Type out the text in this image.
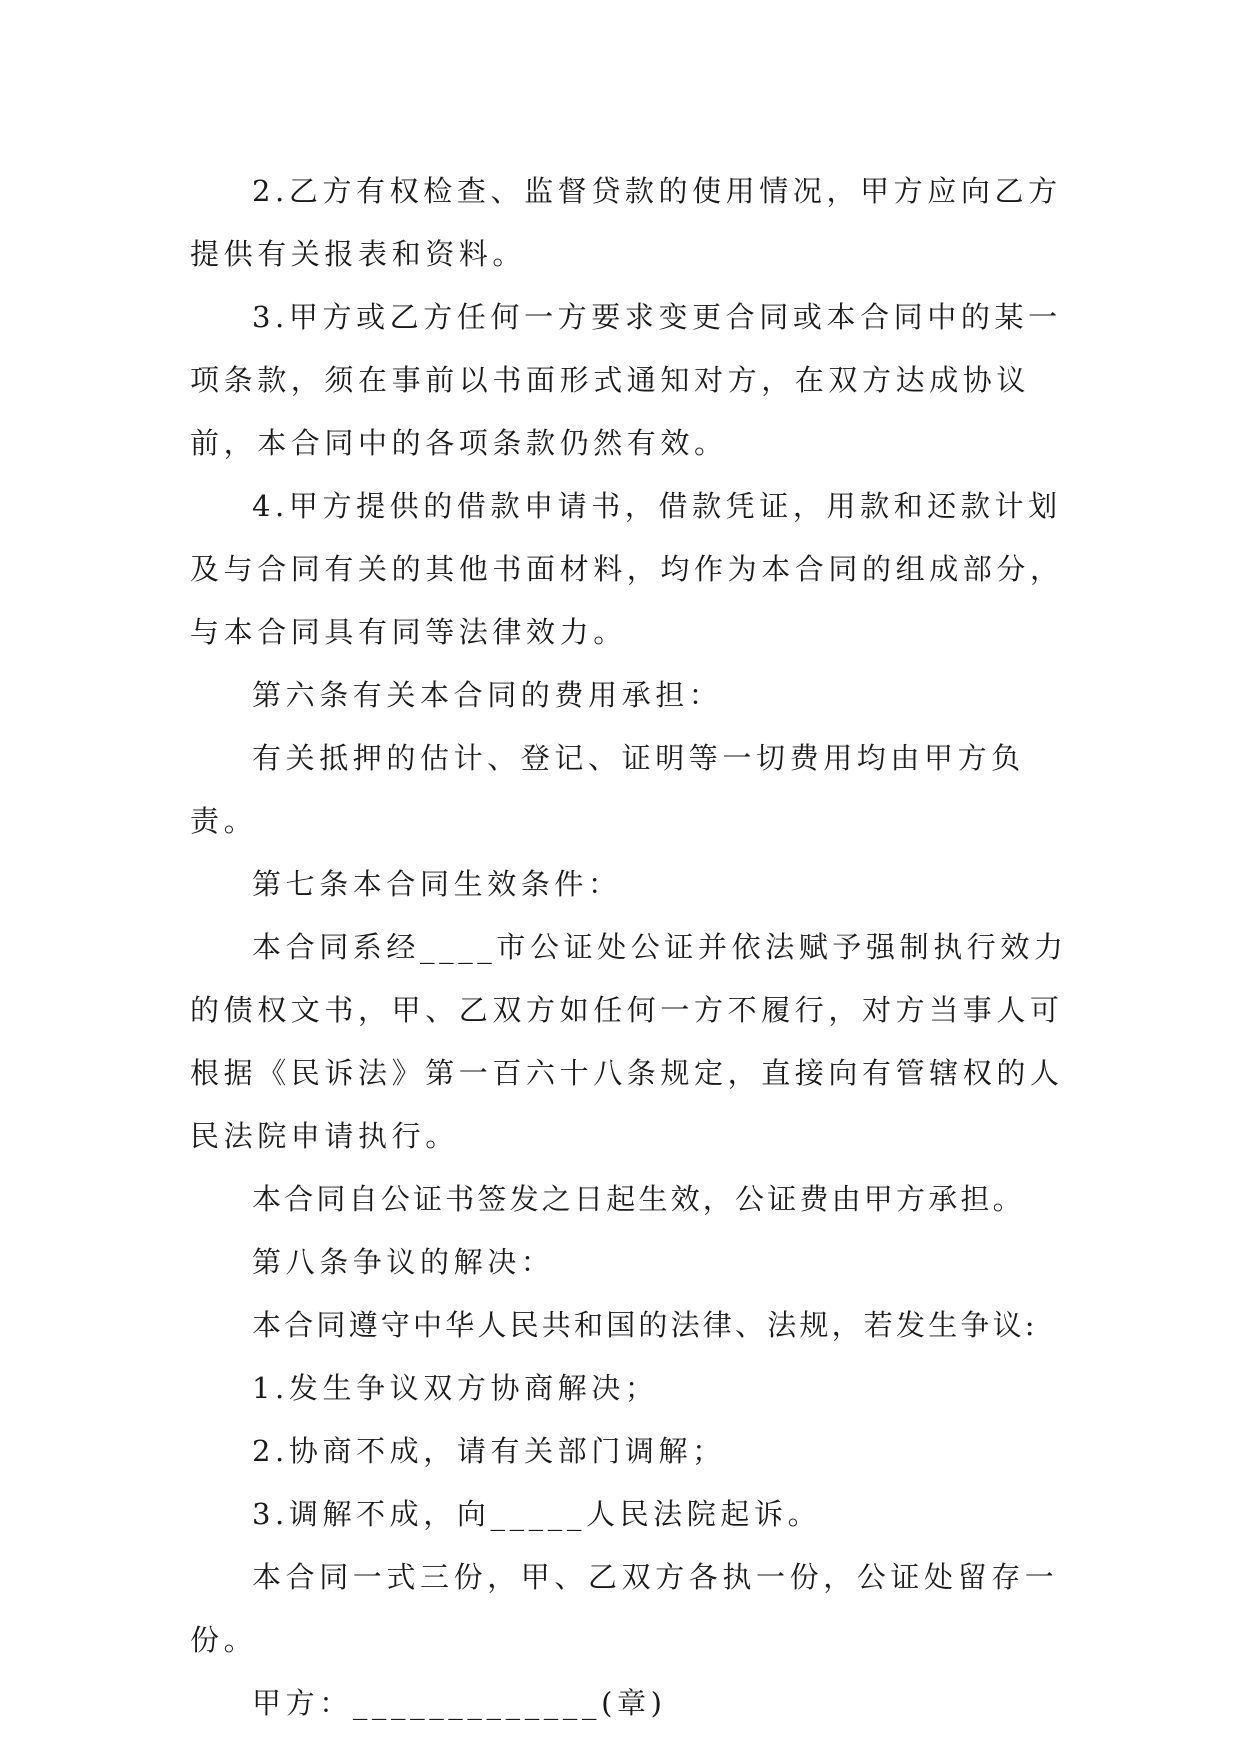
2.乙方有权检查、监督贷款的使用情况，甲方应向乙方提供有关报表和资料。

3.甲方或乙方任何一方要求变更合同或本合同中的某一项条款，须在事前以书面形式通知对方，在双方达成协议前，本合同中的各项条款仍然有效。

4.甲方提供的借款申请书，借款凭证，用款和还款计划及与合同有关的其他书面材料，均作为本合同的组成部分，与本合同具有同等法律效力。

第六条有关本合同的费用承担：

有关抵押的估计、登记、证明等一切费用均由甲方负责。

第七条本合同生效条件：

本合同系经____市公证处公证并依法赋予强制执行效力的债权文书，甲、乙双方如任何一方不履行，对方当事人可根据《民诉法》第一百六十八条规定，直接向有管辖权的人民法院申请执行。

本合同自公证书签发之日起生效，公证费由甲方承担。

第八条争议的解决：

本合同遵守中华人民共和国的法律、法规，若发生争议:

1.发生争议双方协商解决；

2.协商不成，请有关部门调解；

3.调解不成，向_____人民法院起诉。

本合同一式三份，甲、乙双方各执一份，公证处留存一份。

甲方：_____________(章)
